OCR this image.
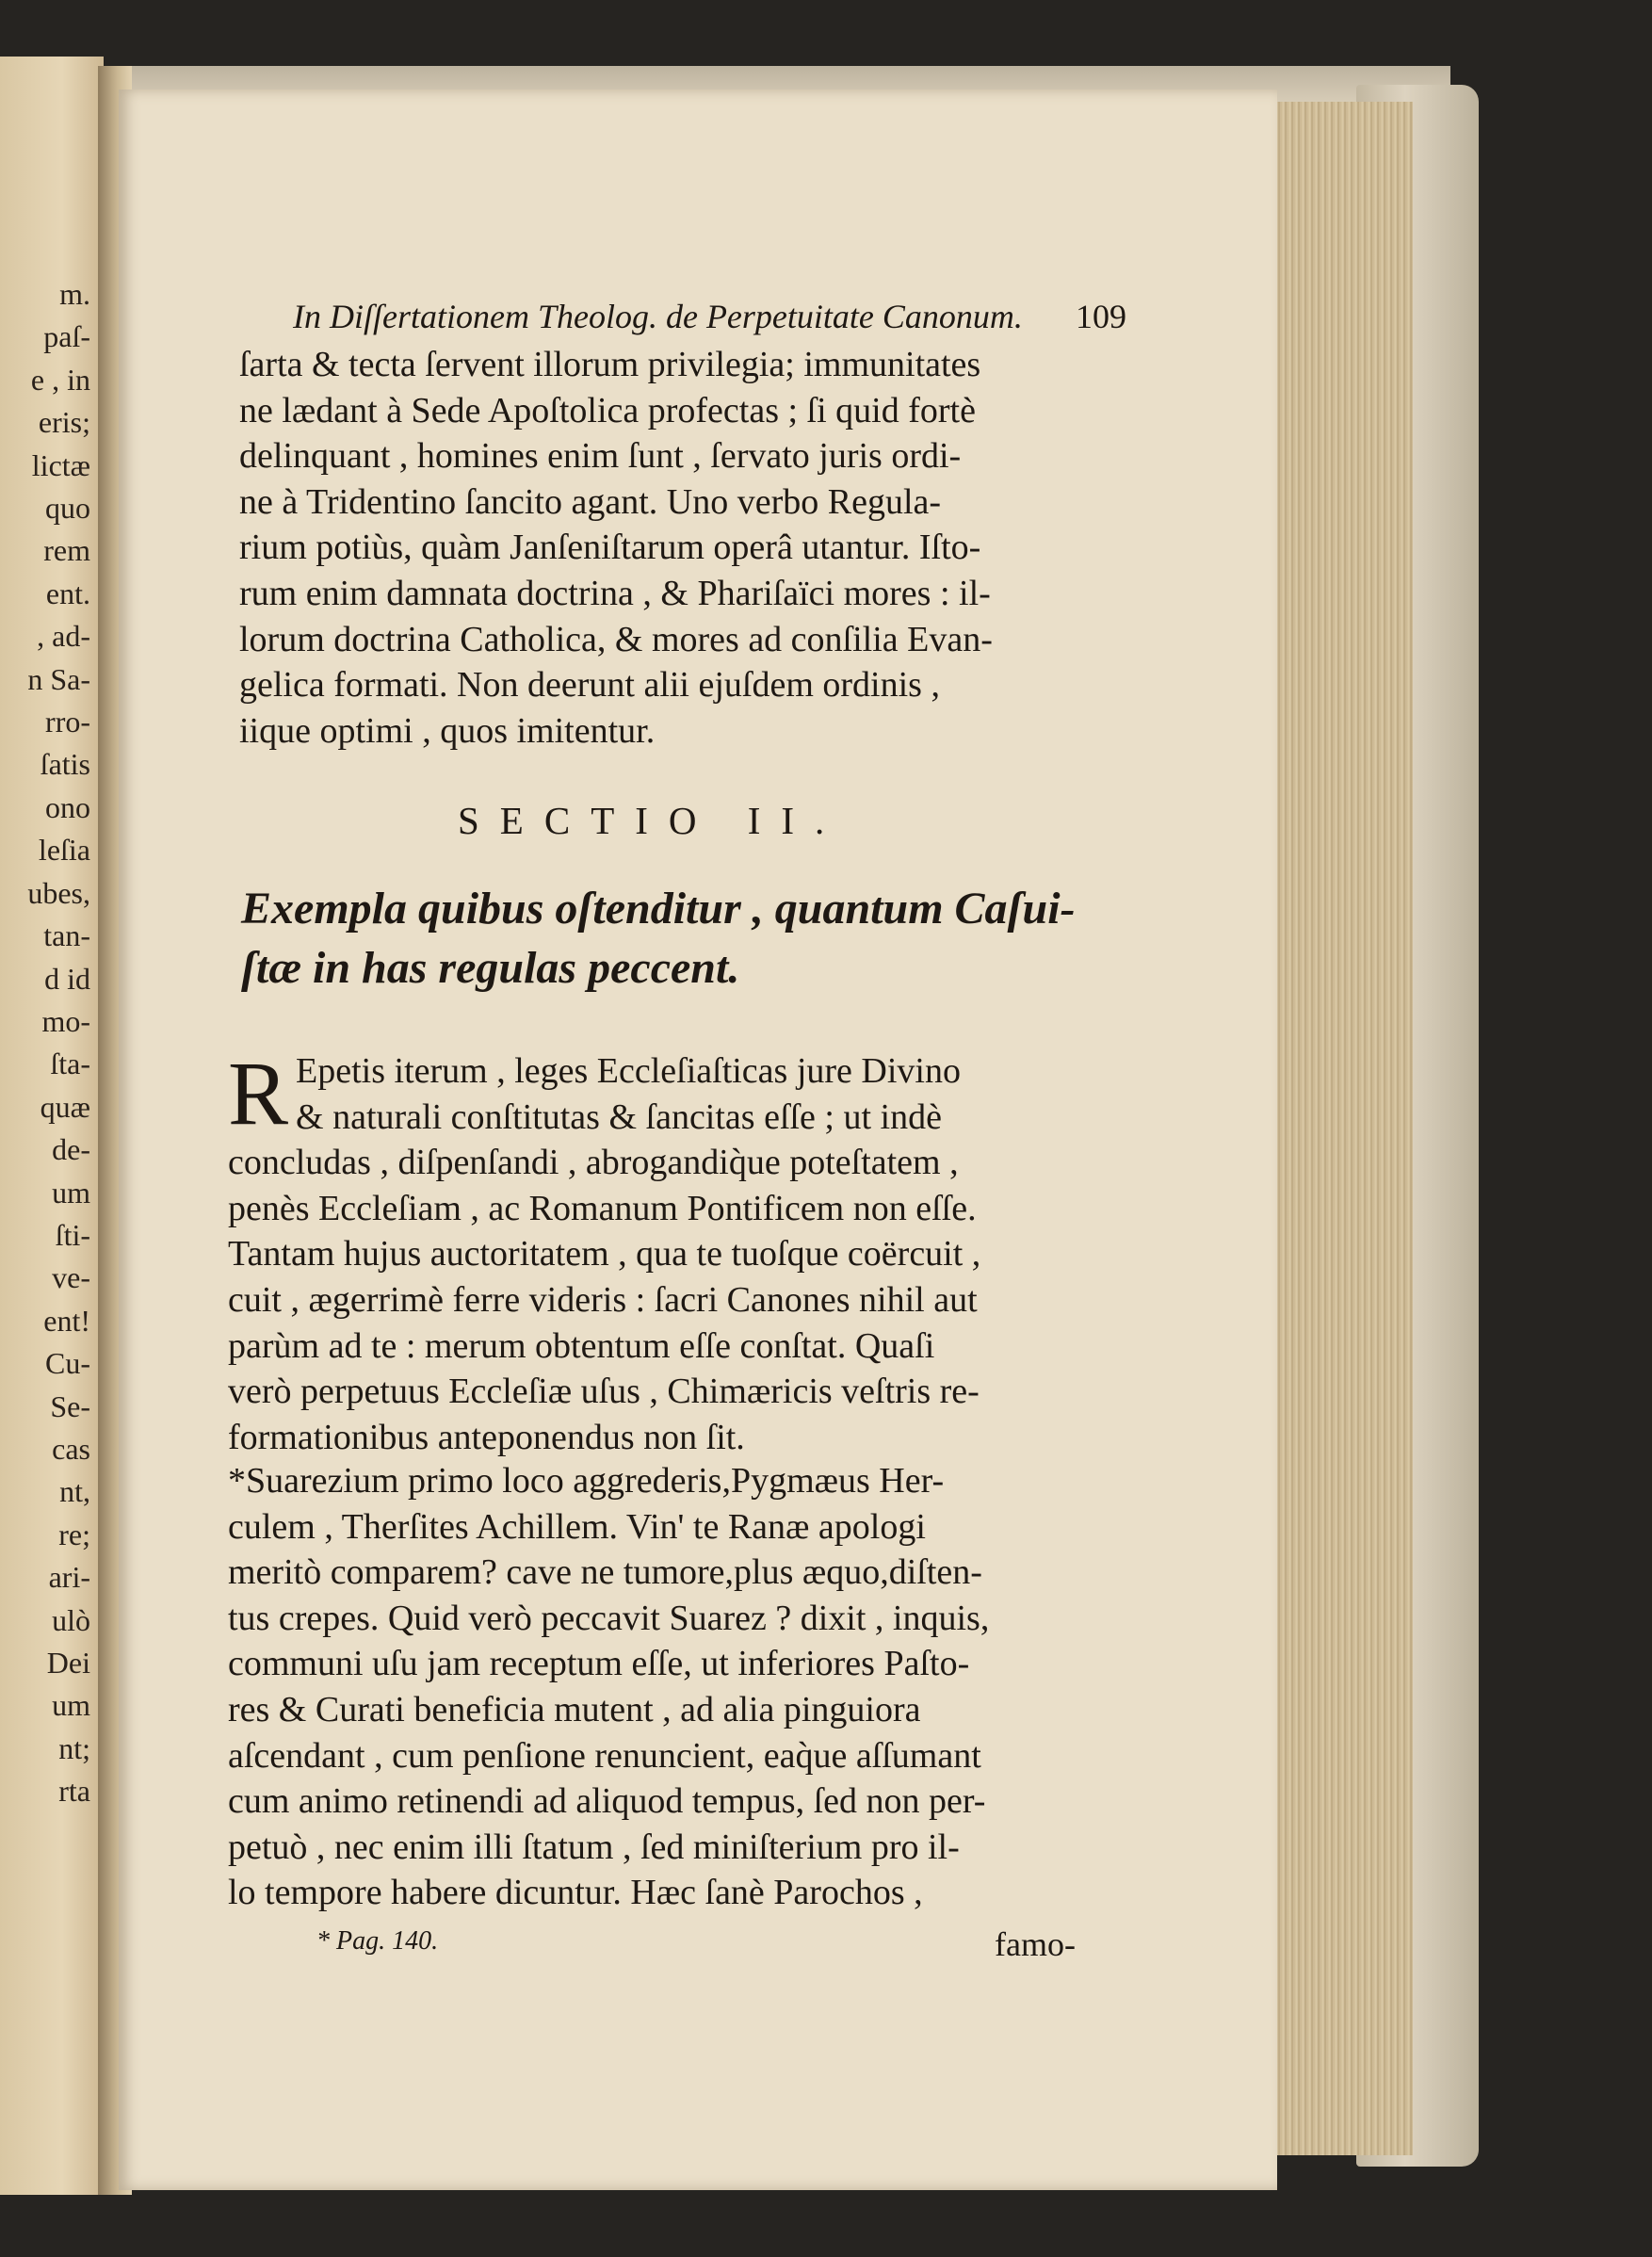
m.
paſ-
e , in
eris;
lictæ
quo
rem
ent.
, ad-
n Sa-
rro-
ſatis
ono
leſia
ubes,
tan-
d id
mo-
ſta-
quæ
de-
um
ſti-
ve-
ent!
Cu-
Se-
cas
nt,
re;
ari-
ulò
Dei
um
nt;
rta
In Diſſertationem Theolog. de Perpetuitate Canonum. 109
ſarta & tecta ſervent illorum privilegia; immunitates
ne lædant à Sede Apoſtolica profectas ; ſi quid fortè
delinquant , homines enim ſunt , ſervato juris ordi-
ne à Tridentino ſancito agant. Uno verbo Regula-
rium potiùs, quàm Janſeniſtarum operâ utantur. Iſto-
rum enim damnata doctrina , & Phariſaïci mores : il-
lorum doctrina Catholica, & mores ad conſilia Evan-
gelica formati. Non deerunt alii ejuſdem ordinis ,
iique optimi , quos imitentur.
SECTIO II.
Exempla quibus oſtenditur , quantum Caſui-
ſtæ in has regulas peccent.
R Epetis iterum , leges Eccleſiaſticas jure Divino
& naturali conſtitutas & ſancitas eſſe ; ut indè
concludas , diſpenſandi , abrogandiq̀ue poteſtatem ,
penès Eccleſiam , ac Romanum Pontificem non eſſe.
Tantam hujus auctoritatem , qua te tuoſque coërcuit ,
cuit , ægerrimè ferre videris : ſacri Canones nihil aut
parùm ad te : merum obtentum eſſe conſtat. Quaſi
verò perpetuus Eccleſiæ uſus , Chimæricis veſtris re-
formationibus anteponendus non ſit.
*Suarezium primo loco aggrederis,Pygmæus Her-
culem , Therſites Achillem. Vin' te Ranæ apologi
meritò comparem? cave ne tumore,plus æquo,diſten-
tus crepes. Quid verò peccavit Suarez ? dixit , inquis,
communi uſu jam receptum eſſe, ut inferiores Paſto-
res & Curati beneficia mutent , ad alia pinguiora
aſcendant , cum penſione renuncient, eaq̀ue aſſumant
cum animo retinendi ad aliquod tempus, ſed non per-
petuò , nec enim illi ſtatum , ſed miniſterium pro il-
lo tempore habere dicuntur. Hæc ſanè Parochos ,
* Pag. 140.	famo-
